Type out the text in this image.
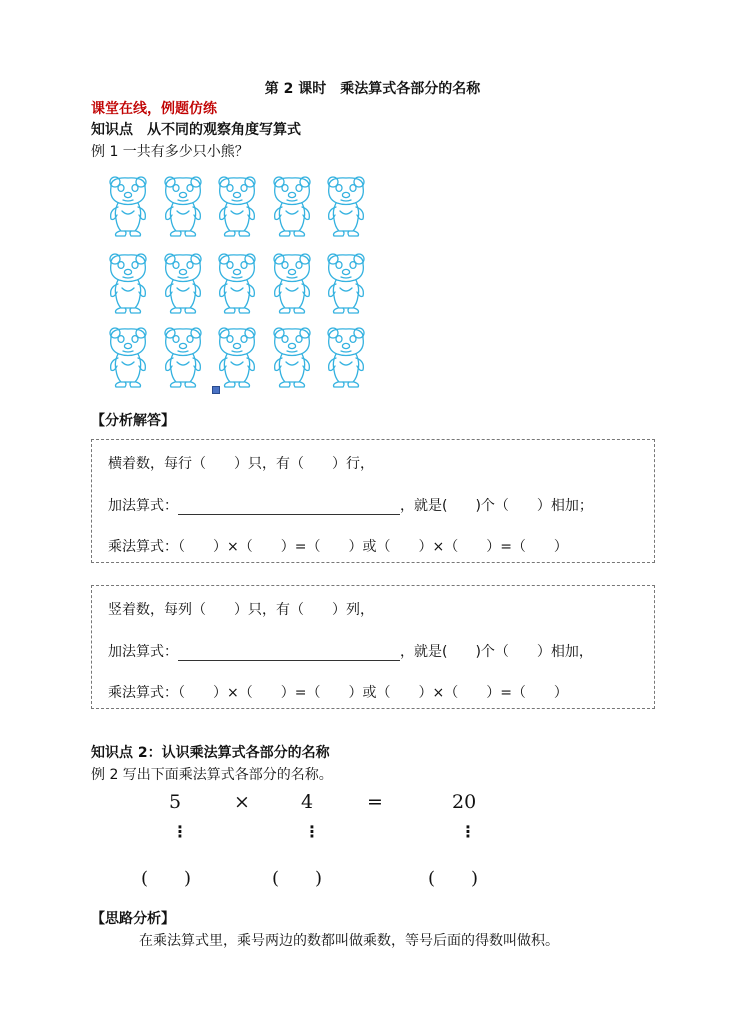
第 2 课时　乘法算式各部分的名称
课堂在线，例题仿练
知识点　从不同的观察角度写算式
例 1 一共有多少只小熊？
【分析解答】
横着数，每行（　　）只，有（　　）行，
加法算式：	，就是(　　)个（　　）相加；
乘法算式：（　　）×（　　）=（　　）或（　　）×（　　）=（　　）
竖着数，每列（　　）只，有（　　）列，
加法算式：	，就是(　　)个（　　）相加，
乘法算式：（　　）×（　　）=（　　）或（　　）×（　　）=（　　）
知识点 2：认识乘法算式各部分的名称
例 2 写出下面乘法算式各部分的名称。
5	×	4	=	20
⋮	⋮	⋮
(　　)	(　　)	(　　)
【思路分析】
在乘法算式里，乘号两边的数都叫做乘数，等号后面的得数叫做积。
